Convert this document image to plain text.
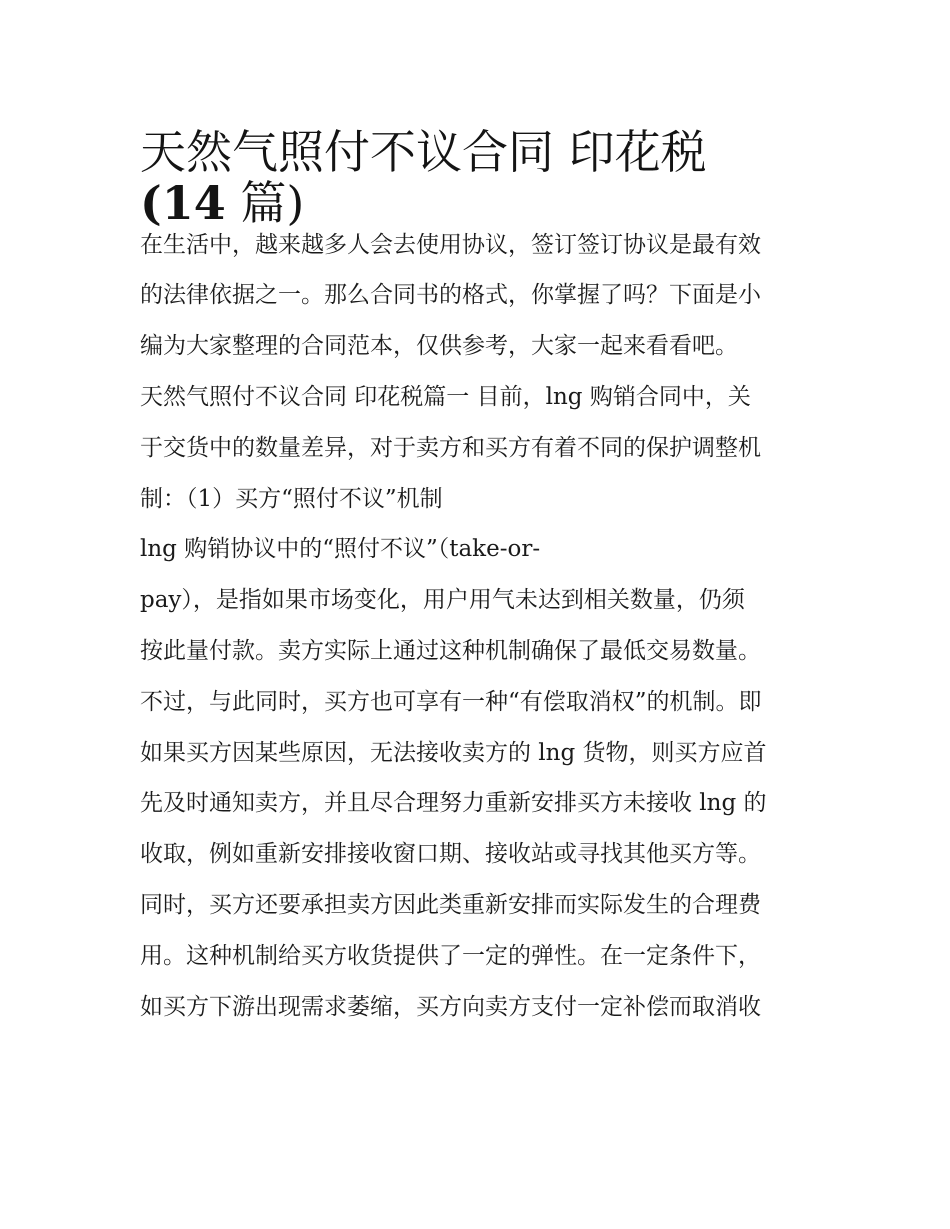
天然气照付不议合同 印花税
(14 篇)
在生活中，越来越多人会去使用协议，签订签订协议是最有效
的法律依据之一。那么合同书的格式，你掌握了吗？下面是小
编为大家整理的合同范本，仅供参考，大家一起来看看吧。
天然气照付不议合同 印花税篇一 目前，lng 购销合同中，关
于交货中的数量差异，对于卖方和买方有着不同的保护调整机
制：（1）买方“照付不议”机制
lng 购销协议中的“照付不议”（take-or-
pay），是指如果市场变化，用户用气未达到相关数量，仍须
按此量付款。卖方实际上通过这种机制确保了最低交易数量。
不过，与此同时，买方也可享有一种“有偿取消权”的机制。即
如果买方因某些原因，无法接收卖方的 lng 货物，则买方应首
先及时通知卖方，并且尽合理努力重新安排买方未接收 lng 的
收取，例如重新安排接收窗口期、接收站或寻找其他买方等。
同时，买方还要承担卖方因此类重新安排而实际发生的合理费
用。这种机制给买方收货提供了一定的弹性。在一定条件下，
如买方下游出现需求萎缩，买方向卖方支付一定补偿而取消收
